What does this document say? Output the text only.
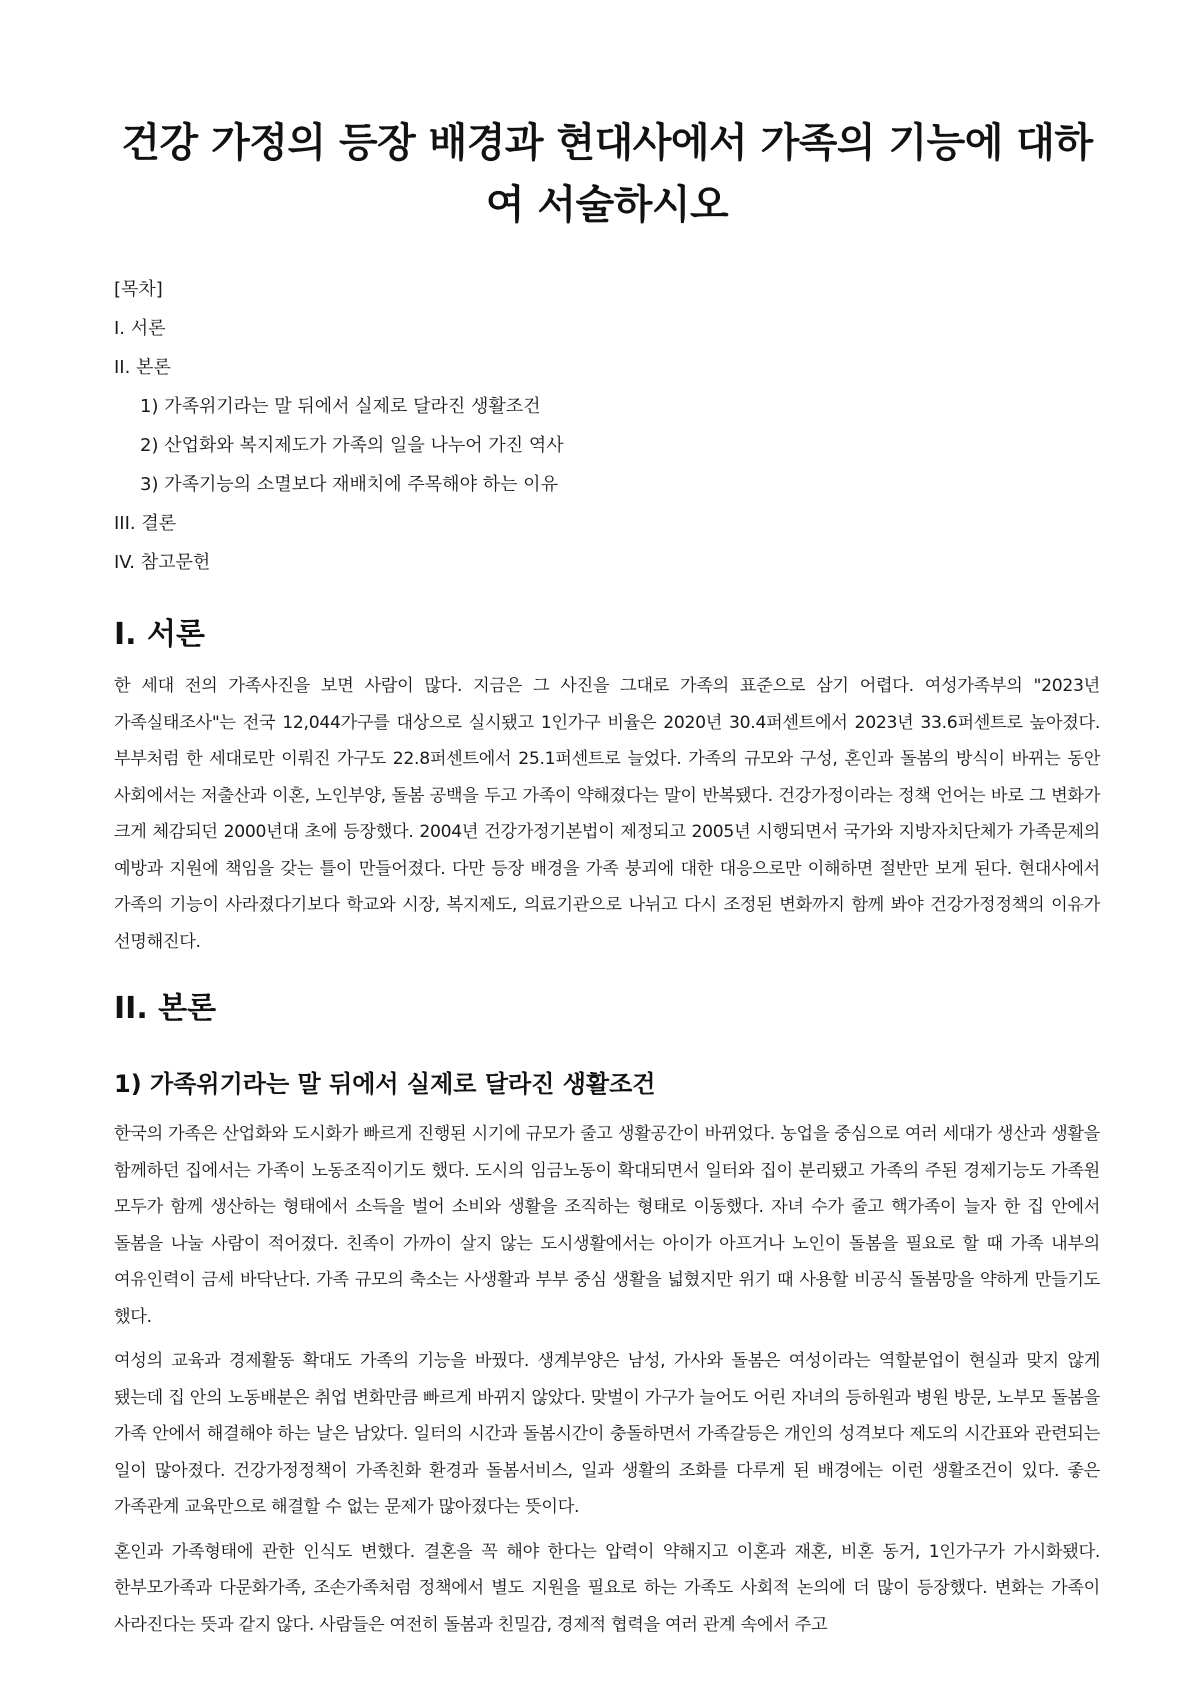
건강 가정의 등장 배경과 현대사에서 가족의 기능에 대하여 서술하시오
[목차]
I. 서론
II. 본론
1) 가족위기라는 말 뒤에서 실제로 달라진 생활조건
2) 산업화와 복지제도가 가족의 일을 나누어 가진 역사
3) 가족기능의 소멸보다 재배치에 주목해야 하는 이유
III. 결론
IV. 참고문헌
I. 서론

한 세대 전의 가족사진을 보면 사람이 많다. 지금은 그 사진을 그대로 가족의 표준으로 삼기 어렵다. 여성가족부의 "2023년 가족실태조사"는 전국 12,044가구를 대상으로 실시됐고 1인가구 비율은 2020년 30.4퍼센트에서 2023년 33.6퍼센트로 높아졌다. 부부처럼 한 세대로만 이뤄진 가구도 22.8퍼센트에서 25.1퍼센트로 늘었다. 가족의 규모와 구성, 혼인과 돌봄의 방식이 바뀌는 동안 사회에서는 저출산과 이혼, 노인부양, 돌봄 공백을 두고 가족이 약해졌다는 말이 반복됐다. 건강가정이라는 정책 언어는 바로 그 변화가 크게 체감되던 2000년대 초에 등장했다. 2004년 건강가정기본법이 제정되고 2005년 시행되면서 국가와 지방자치단체가 가족문제의 예방과 지원에 책임을 갖는 틀이 만들어졌다. 다만 등장 배경을 가족 붕괴에 대한 대응으로만 이해하면 절반만 보게 된다. 현대사에서 가족의 기능이 사라졌다기보다 학교와 시장, 복지제도, 의료기관으로 나뉘고 다시 조정된 변화까지 함께 봐야 건강가정정책의 이유가 선명해진다.

II. 본론
1) 가족위기라는 말 뒤에서 실제로 달라진 생활조건

한국의 가족은 산업화와 도시화가 빠르게 진행된 시기에 규모가 줄고 생활공간이 바뀌었다. 농업을 중심으로 여러 세대가 생산과 생활을 함께하던 집에서는 가족이 노동조직이기도 했다. 도시의 임금노동이 확대되면서 일터와 집이 분리됐고 가족의 주된 경제기능도 가족원 모두가 함께 생산하는 형태에서 소득을 벌어 소비와 생활을 조직하는 형태로 이동했다. 자녀 수가 줄고 핵가족이 늘자 한 집 안에서 돌봄을 나눌 사람이 적어졌다. 친족이 가까이 살지 않는 도시생활에서는 아이가 아프거나 노인이 돌봄을 필요로 할 때 가족 내부의 여유인력이 금세 바닥난다. 가족 규모의 축소는 사생활과 부부 중심 생활을 넓혔지만 위기 때 사용할 비공식 돌봄망을 약하게 만들기도 했다.

여성의 교육과 경제활동 확대도 가족의 기능을 바꿨다. 생계부양은 남성, 가사와 돌봄은 여성이라는 역할분업이 현실과 맞지 않게 됐는데 집 안의 노동배분은 취업 변화만큼 빠르게 바뀌지 않았다. 맞벌이 가구가 늘어도 어린 자녀의 등하원과 병원 방문, 노부모 돌봄을 가족 안에서 해결해야 하는 날은 남았다. 일터의 시간과 돌봄시간이 충돌하면서 가족갈등은 개인의 성격보다 제도의 시간표와 관련되는 일이 많아졌다. 건강가정정책이 가족친화 환경과 돌봄서비스, 일과 생활의 조화를 다루게 된 배경에는 이런 생활조건이 있다. 좋은 가족관계 교육만으로 해결할 수 없는 문제가 많아졌다는 뜻이다.

혼인과 가족형태에 관한 인식도 변했다. 결혼을 꼭 해야 한다는 압력이 약해지고 이혼과 재혼, 비혼 동거, 1인가구가 가시화됐다. 한부모가족과 다문화가족, 조손가족처럼 정책에서 별도 지원을 필요로 하는 가족도 사회적 논의에 더 많이 등장했다. 변화는 가족이 사라진다는 뜻과 같지 않다. 사람들은 여전히 돌봄과 친밀감, 경제적 협력을 여러 관계 속에서 주고
